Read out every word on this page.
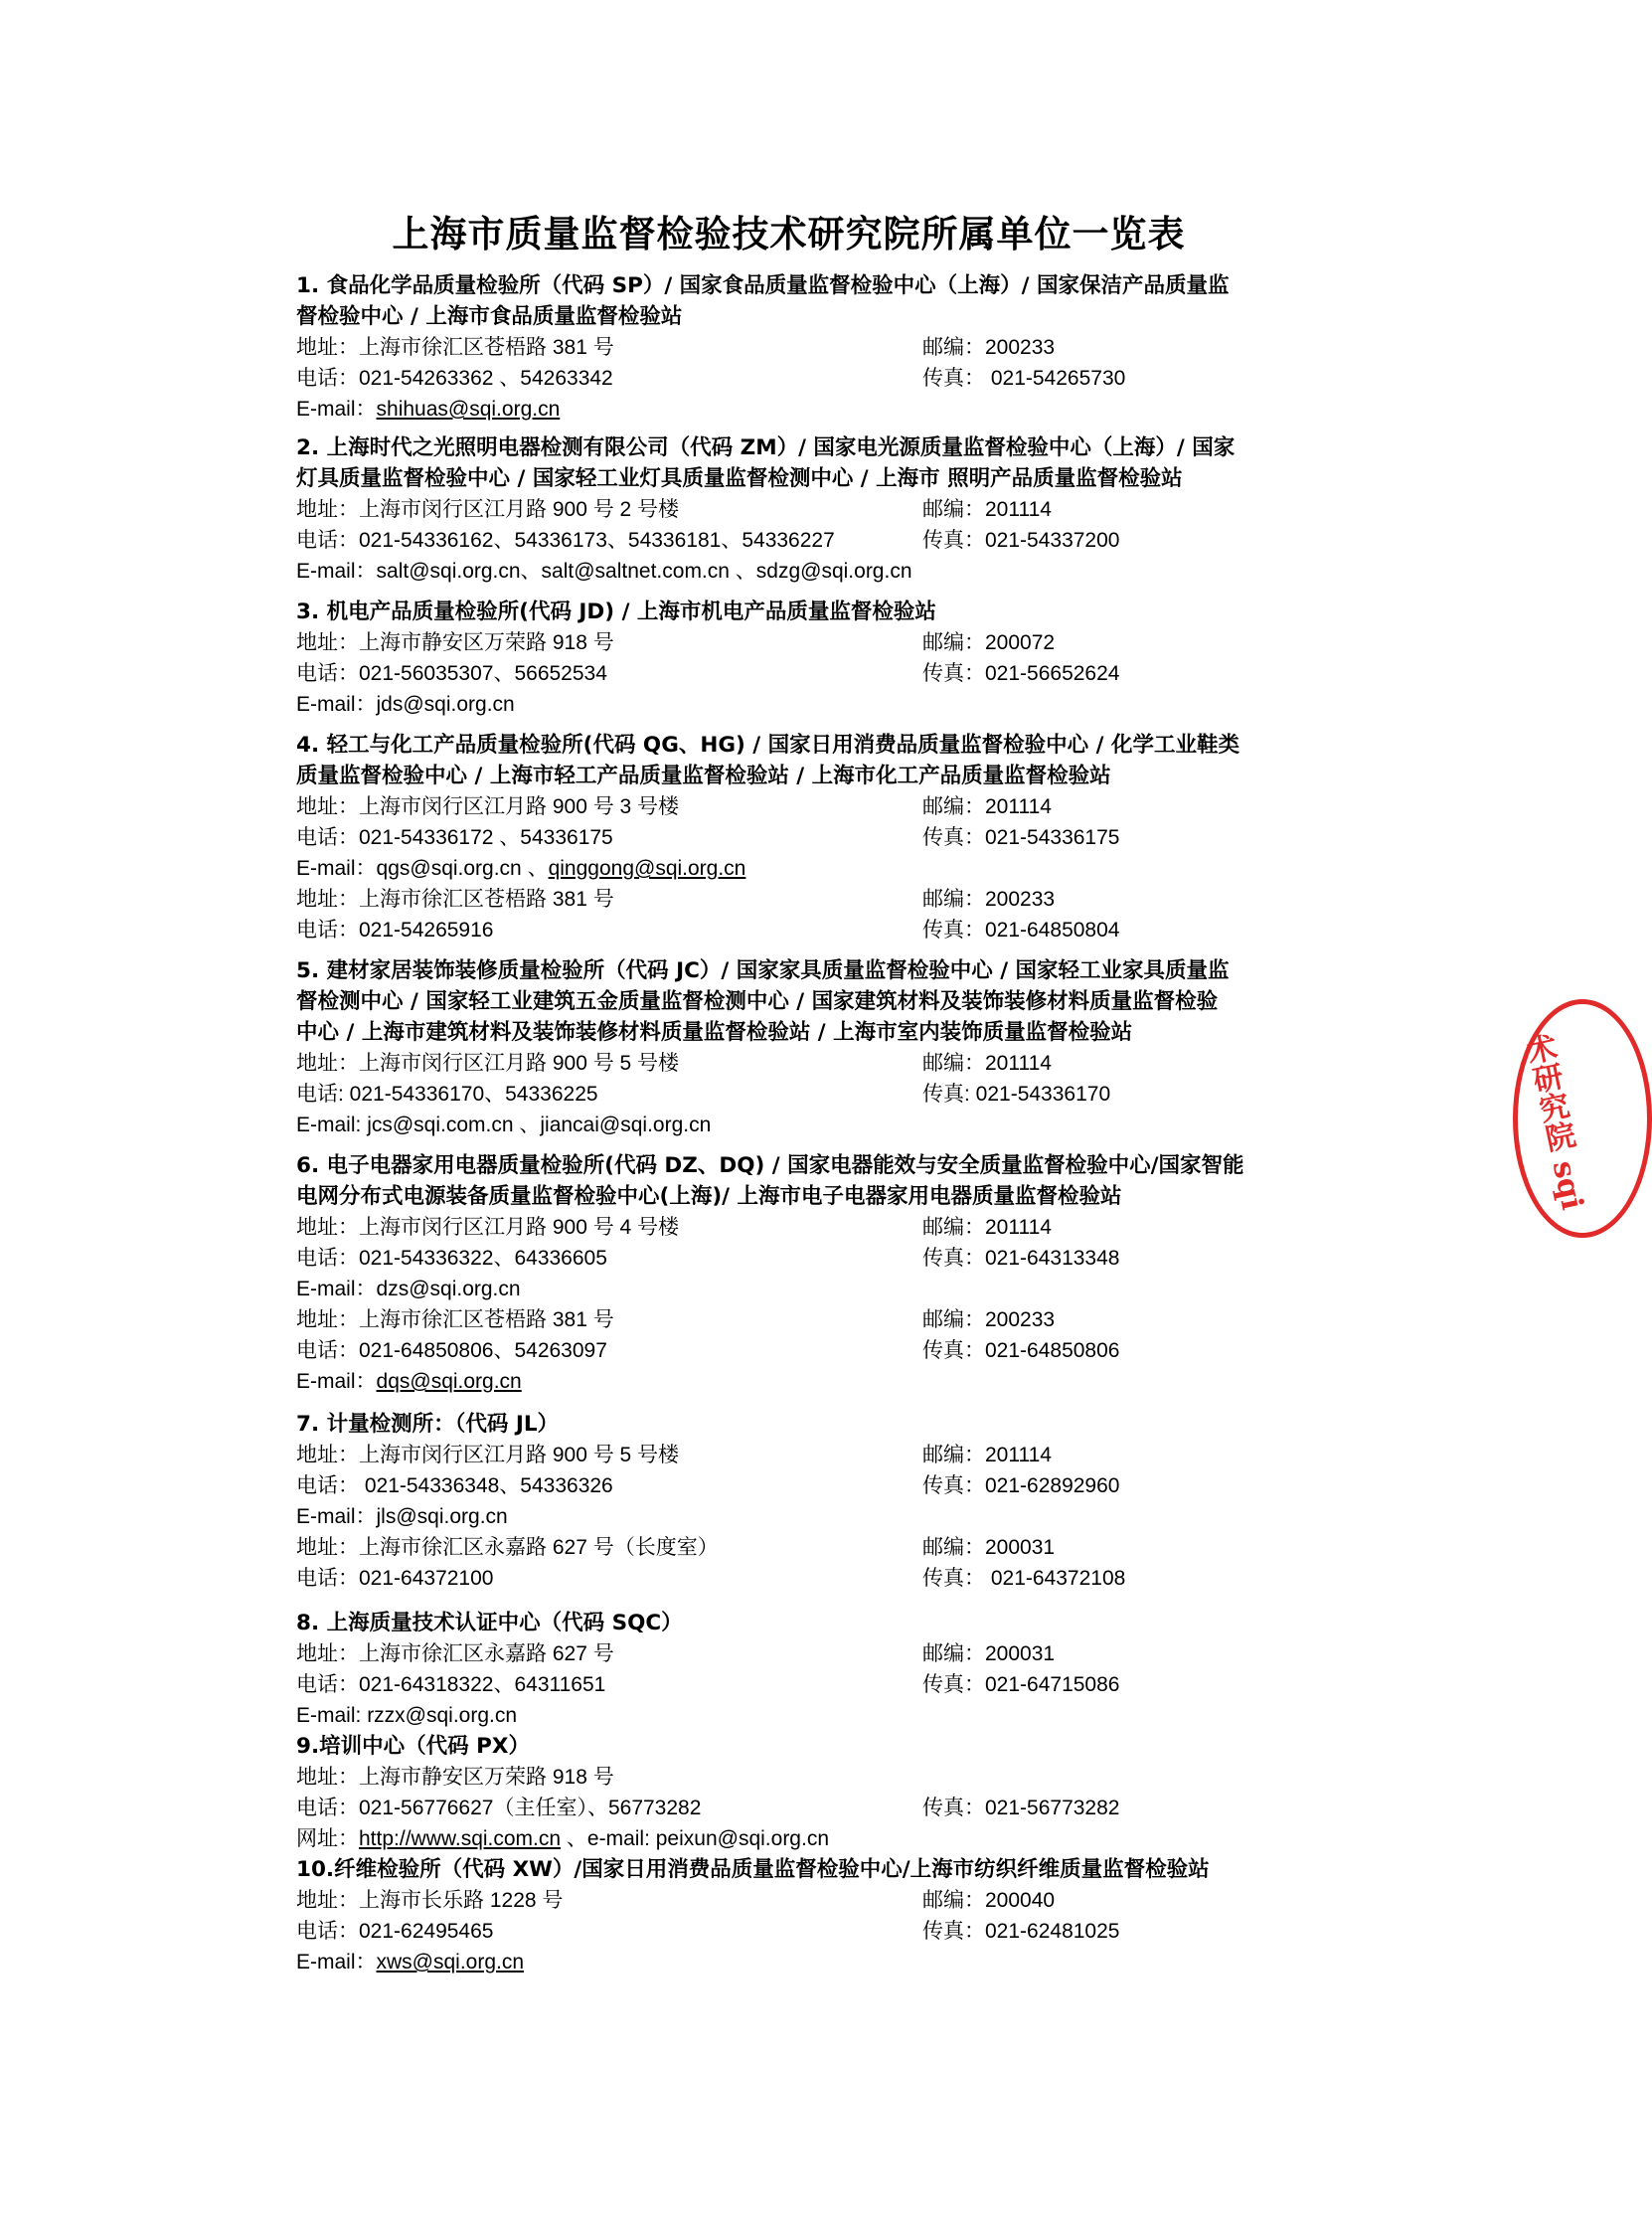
上海市质量监督检验技术研究院所属单位一览表
1. 食品化学品质量检验所（代码 SP）/ 国家食品质量监督检验中心（上海）/ 国家保洁产品质量监
督检验中心 / 上海市食品质量监督检验站
地址：上海市徐汇区苍梧路 381 号	邮编：200233
电话：021-54263362 、54263342	传真： 021-54265730
E-mail：shihuas@sqi.org.cn
2. 上海时代之光照明电器检测有限公司（代码 ZM）/ 国家电光源质量监督检验中心（上海）/ 国家
灯具质量监督检验中心 / 国家轻工业灯具质量监督检测中心 / 上海市 照明产品质量监督检验站
地址：上海市闵行区江月路 900 号 2 号楼	邮编：201114
电话：021-54336162、54336173、54336181、54336227	传真：021-54337200
E-mail：salt@sqi.org.cn、salt@saltnet.com.cn 、sdzg@sqi.org.cn
3. 机电产品质量检验所(代码 JD) / 上海市机电产品质量监督检验站
地址：上海市静安区万荣路 918 号	邮编：200072
电话：021-56035307、56652534	传真：021-56652624
E-mail：jds@sqi.org.cn
4. 轻工与化工产品质量检验所(代码 QG、HG) / 国家日用消费品质量监督检验中心 / 化学工业鞋类
质量监督检验中心 / 上海市轻工产品质量监督检验站 / 上海市化工产品质量监督检验站
地址：上海市闵行区江月路 900 号 3 号楼	邮编：201114
电话：021-54336172 、54336175	传真：021-54336175
E-mail：qgs@sqi.org.cn 、qinggong@sqi.org.cn
地址：上海市徐汇区苍梧路 381 号	邮编：200233
电话：021-54265916	传真：021-64850804
5. 建材家居装饰装修质量检验所（代码 JC）/ 国家家具质量监督检验中心 / 国家轻工业家具质量监
督检测中心 / 国家轻工业建筑五金质量监督检测中心 / 国家建筑材料及装饰装修材料质量监督检验
中心 / 上海市建筑材料及装饰装修材料质量监督检验站 / 上海市室内装饰质量监督检验站
地址：上海市闵行区江月路 900 号 5 号楼	邮编：201114
电话: 021-54336170、54336225	传真: 021-54336170
E-mail: jcs@sqi.com.cn 、jiancai@sqi.org.cn
6. 电子电器家用电器质量检验所(代码 DZ、DQ) / 国家电器能效与安全质量监督检验中心/国家智能
电网分布式电源装备质量监督检验中心(上海)/ 上海市电子电器家用电器质量监督检验站
地址：上海市闵行区江月路 900 号 4 号楼	邮编：201114
电话：021-54336322、64336605	传真：021-64313348
E-mail：dzs@sqi.org.cn
地址：上海市徐汇区苍梧路 381 号	邮编：200233
电话：021-64850806、54263097	传真：021-64850806
E-mail：dqs@sqi.org.cn
7. 计量检测所：（代码 JL）
地址：上海市闵行区江月路 900 号 5 号楼	邮编：201114
电话： 021-54336348、54336326	传真：021-62892960
E-mail：jls@sqi.org.cn
地址：上海市徐汇区永嘉路 627 号（长度室）	邮编：200031
电话：021-64372100	传真： 021-64372108
8. 上海质量技术认证中心（代码 SQC）
地址：上海市徐汇区永嘉路 627 号	邮编：200031
电话：021-64318322、64311651	传真：021-64715086
E-mail: rzzx@sqi.org.cn
9.培训中心（代码 PX）
地址：上海市静安区万荣路 918 号
电话：021-56776627（主任室）、56773282	传真：021-56773282
网址：http://www.sqi.com.cn 、e-mail: peixun@sqi.org.cn
10.纤维检验所（代码 XW）/国家日用消费品质量监督检验中心/上海市纺织纤维质量监督检验站
地址：上海市长乐路 1228 号	邮编：200040
电话：021-62495465	传真：021-62481025
E-mail：xws@sqi.org.cn
术研究院 sqi
